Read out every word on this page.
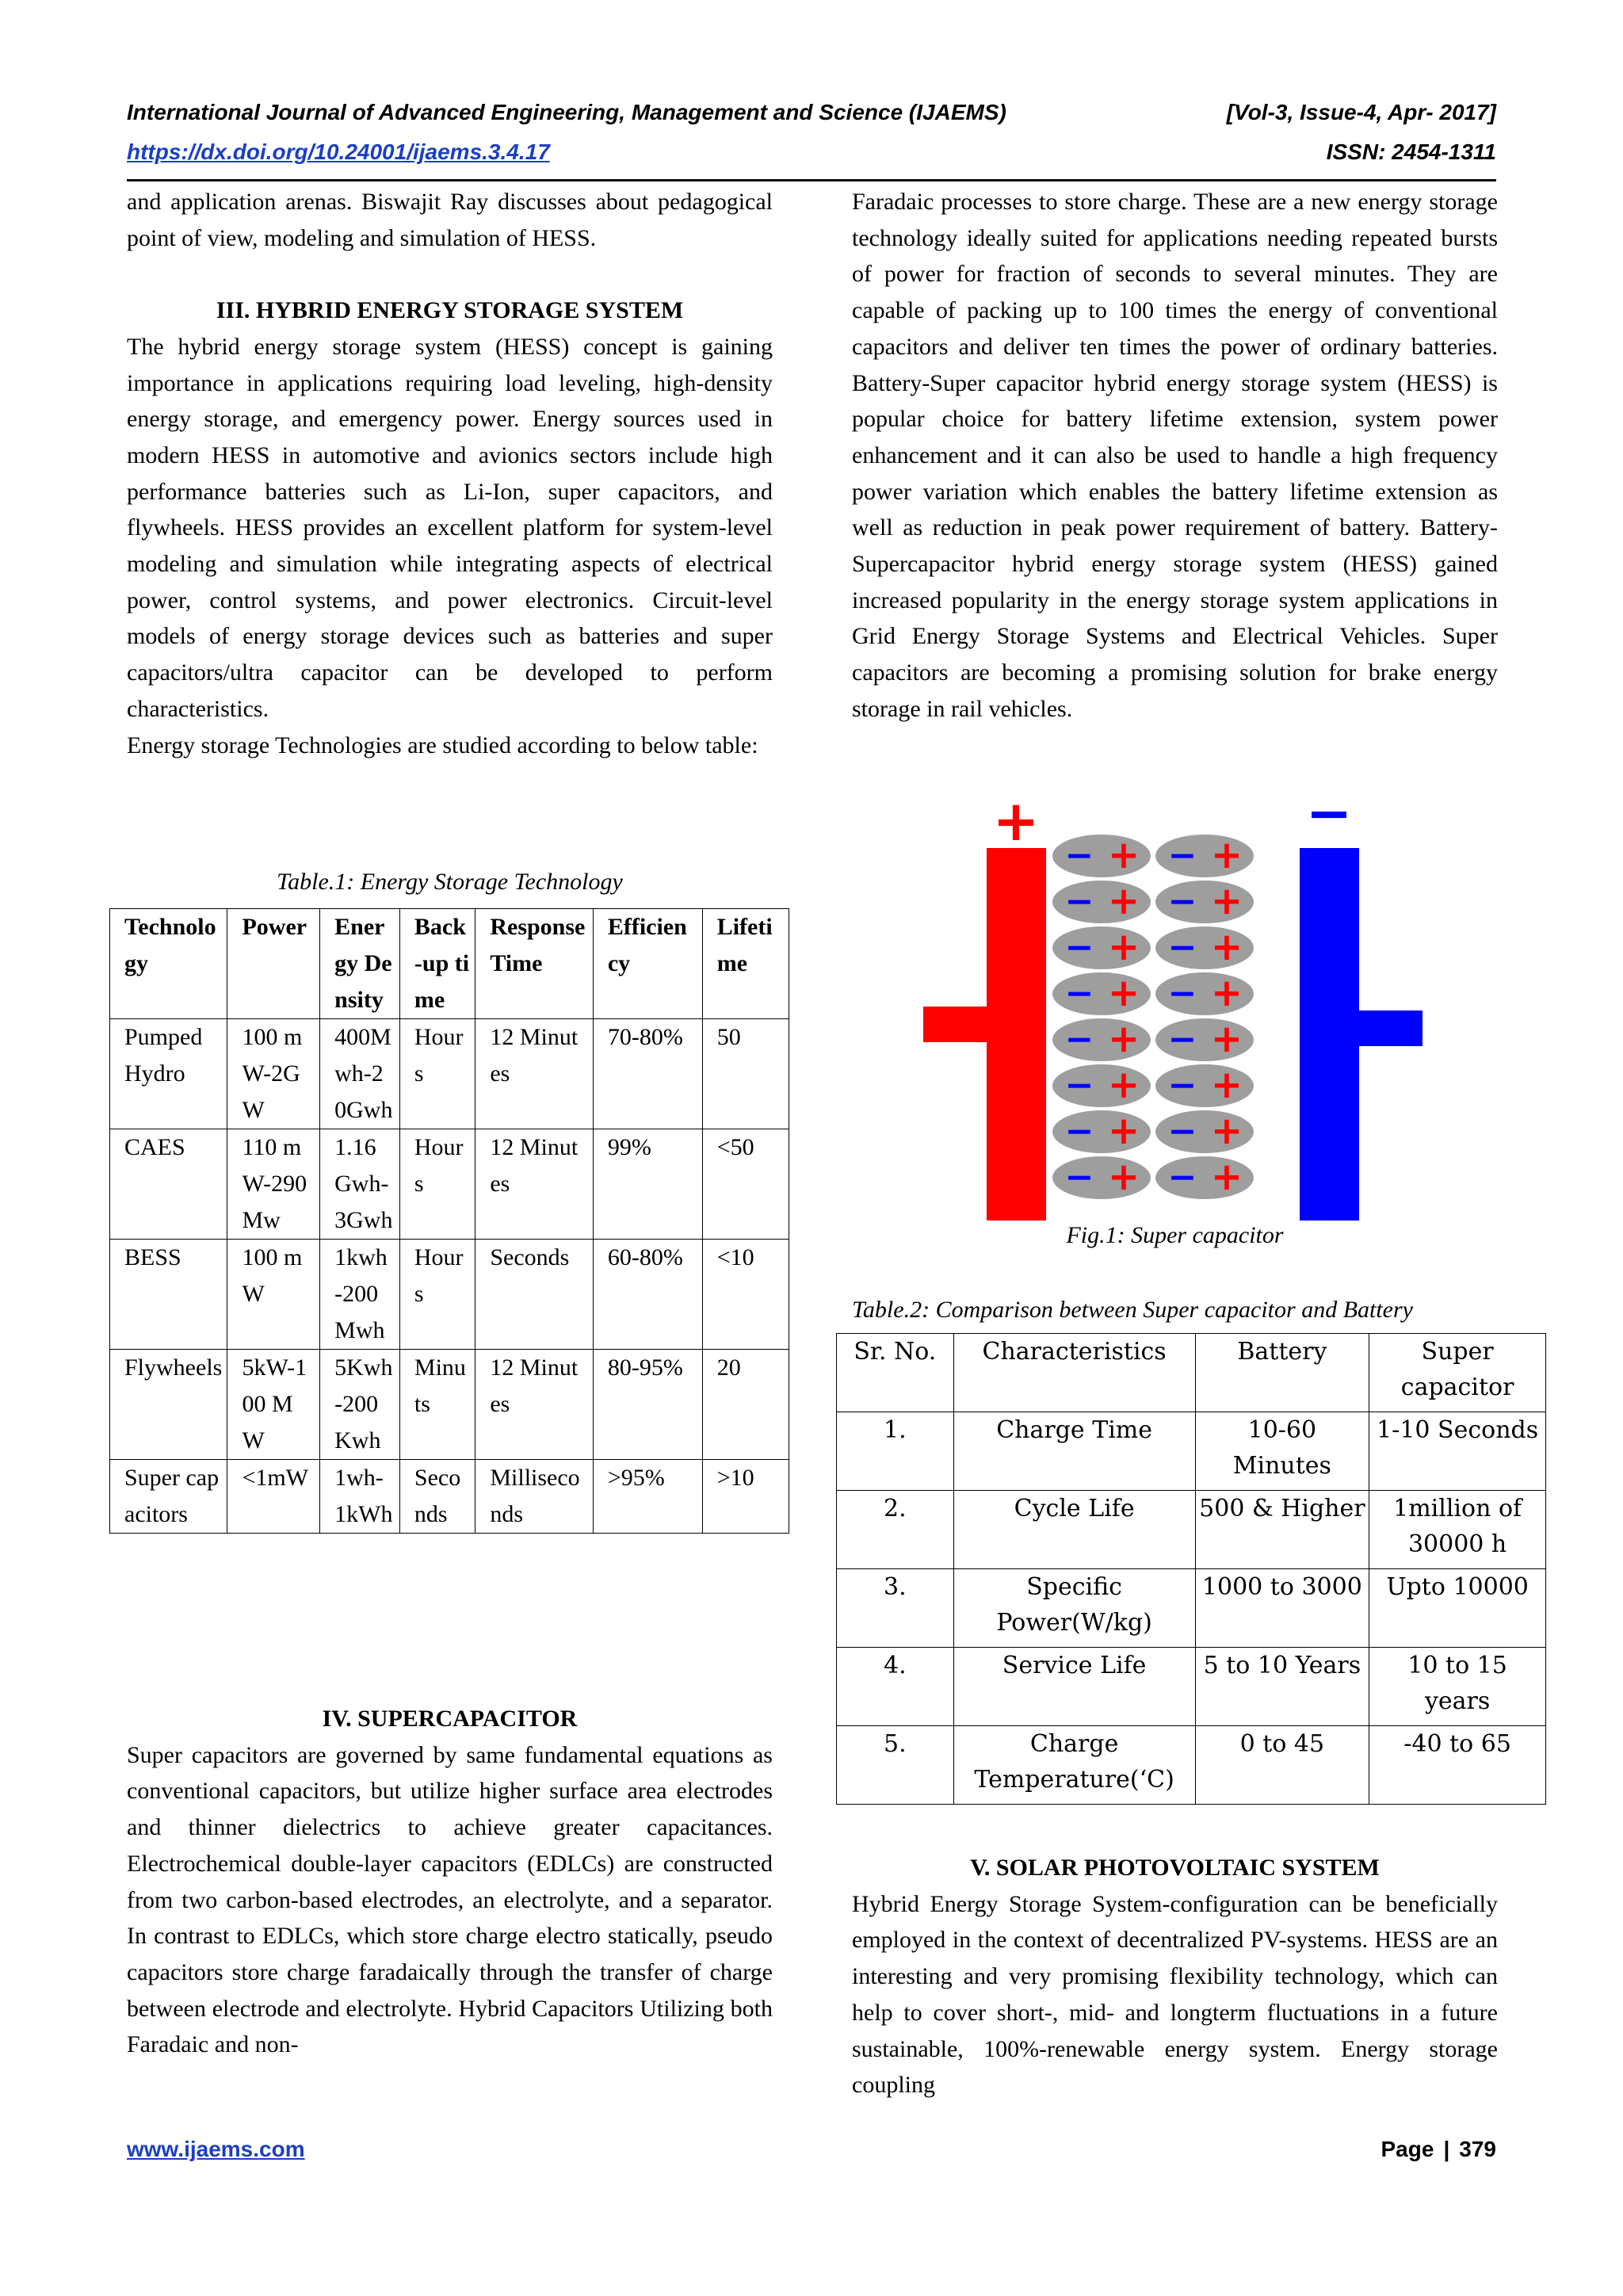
International Journal of Advanced Engineering, Management and Science (IJAEMS)	[Vol-3, Issue-4, Apr- 2017]
https://dx.doi.org/10.24001/ijaems.3.4.17	ISSN: 2454-1311

and application arenas. Biswajit Ray discusses about pedagogical point of view, modeling and simulation of HESS.

III. HYBRID ENERGY STORAGE SYSTEM

The hybrid energy storage system (HESS) concept is gaining importance in applications requiring load leveling, high-density energy storage, and emergency power. Energy sources used in modern HESS in automotive and avionics sectors include high performance batteries such as Li-Ion, super capacitors, and flywheels. HESS provides an excellent platform for system-level modeling and simulation while integrating aspects of electrical power, control systems, and power electronics. Circuit-level models of energy storage devices such as batteries and super capacitors/ultra capacitor can be developed to perform characteristics.

Energy storage Technologies are studied according to below table:

Table.1: Energy Storage Technology
Technology	Power	Energy Density	Back-up time	Response Time	Efficiency	Lifetime
Pumped Hydro	100 mW-2GW	400Mwh-20Gwh	Hours	12 Minutes	70-80%	50
CAES	110 mW-290 Mw	1.16 Gwh-3Gwh	Hours	12 Minutes	99%	<50
BESS	100 mW	1kwh-200 Mwh	Hours	Seconds	60-80%	<10
Flywheels	5kW-100 MW	5Kwh-200 Kwh	Minuts	12 Minutes	80-95%	20
Super capacitors	<1mW	1wh-1kWh	Seconds	Milliseconds	>95%	>10
IV. SUPERCAPACITOR

Super capacitors are governed by same fundamental equations as conventional capacitors, but utilize higher surface area electrodes and thinner dielectrics to achieve greater capacitances. Electrochemical double-layer capacitors (EDLCs) are constructed from two carbon-based electrodes, an electrolyte, and a separator. In contrast to EDLCs, which store charge electro statically, pseudo capacitors store charge faradaically through the transfer of charge between electrode and electrolyte. Hybrid Capacitors Utilizing both Faradaic and non-

Faradaic processes to store charge. These are a new energy storage technology ideally suited for applications needing repeated bursts of power for fraction of seconds to several minutes. They are capable of packing up to 100 times the energy of conventional capacitors and deliver ten times the power of ordinary batteries. Battery-Super capacitor hybrid energy storage system (HESS) is popular choice for battery lifetime extension, system power enhancement and it can also be used to handle a high frequency power variation which enables the battery lifetime extension as well as reduction in peak power requirement of battery. Battery-Supercapacitor hybrid energy storage system (HESS) gained increased popularity in the energy storage system applications in Grid Energy Storage Systems and Electrical Vehicles. Super capacitors are becoming a promising solution for brake energy storage in rail vehicles.

+	−
− + − +
− + − +
− + − +
− + − +
− + − +
− + − +
− + − +
− + − +
Fig.1: Super capacitor
Table.2: Comparison between Super capacitor and Battery
Sr. No.	Characteristics	Battery	Super capacitor
1.	Charge Time	10-60 Minutes	1-10 Seconds
2.	Cycle Life	500 & Higher	1million of 30000 h
3.	Specific Power(W/kg)	1000 to 3000	Upto 10000
4.	Service Life	5 to 10 Years	10 to 15 years
5.	Charge Temperature(‘C)	0 to 45	-40 to 65
V. SOLAR PHOTOVOLTAIC SYSTEM

Hybrid Energy Storage System-configuration can be beneficially employed in the context of decentralized PV-systems. HESS are an interesting and very promising flexibility technology, which can help to cover short-, mid- and longterm fluctuations in a future sustainable, 100%-renewable energy system. Energy storage coupling

www.ijaems.com	Page | 379
